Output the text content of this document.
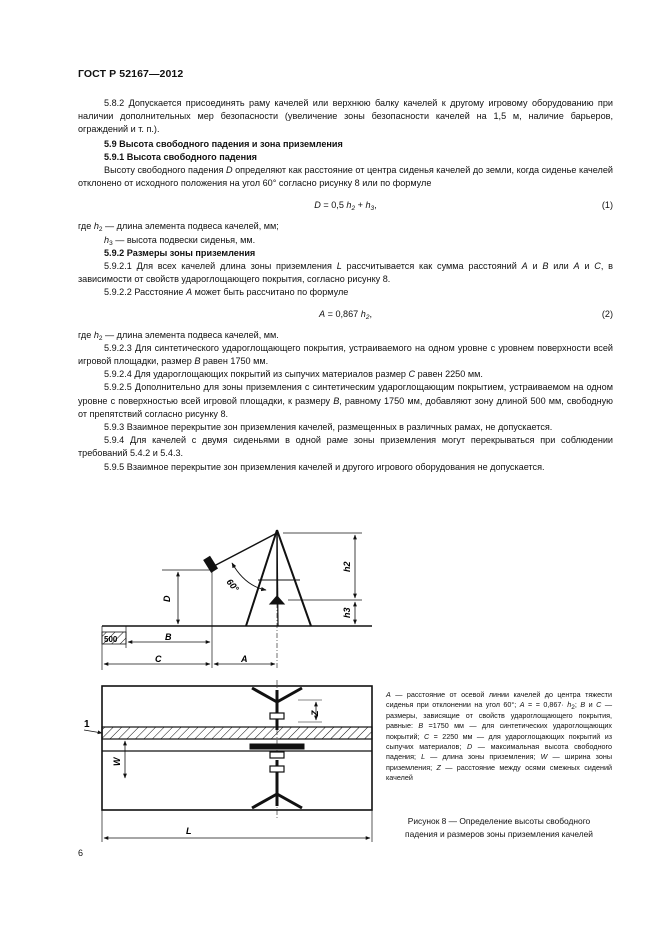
ГОСТ Р 52167—2012

5.8.2 Допускается присоединять раму качелей или верхнюю балку качелей к другому игровому оборудованию при наличии дополнительных мер безопасности (увеличение зоны безопасности качелей на 1,5 м, наличие барьеров, ограждений и т. п.).

5.9 Высота свободного падения и зона приземления

5.9.1 Высота свободного падения

Высоту свободного падения D определяют как расстояние от центра сиденья качелей до земли, когда сиденье качелей отклонено от исходного положения на угол 60° согласно рисунку 8 или по формуле

D = 0,5 $h_2 + h_3$,	(1)

где $h_2$ — длина элемента подвеса качелей, мм;

$h_3$ — высота подвески сиденья, мм.

5.9.2 Размеры зоны приземления

5.9.2.1 Для всех качелей длина зоны приземления L рассчитывается как сумма расстояний A и B или A и C, в зависимости от свойств удароглощающего покрытия, согласно рисунку 8.

5.9.2.2 Расстояние A может быть рассчитано по формуле

A = 0,867 $h_2$,	(2)

где $h_2$ — длина элемента подвеса качелей, мм.

5.9.2.3 Для синтетического удароглощающего покрытия, устраиваемого на одном уровне с уровнем поверхности всей игровой площадки, размер B равен 1750 мм.

5.9.2.4 Для удароглощающих покрытий из сыпучих материалов размер C равен 2250 мм.

5.9.2.5 Дополнительно для зоны приземления с синтетическим удароглощающим покрытием, устраиваемом на одном уровне с поверхностью всей игровой площадки, к размеру B, равному 1750 мм, добавляют зону длиной 500 мм, свободную от препятствий согласно рисунку 8.

5.9.3 Взаимное перекрытие зон приземления качелей, размещенных в различных рамах, не допускается.

5.9.4 Для качелей с двумя сиденьями в одной раме зоны приземления могут перекрываться при соблюдении требований 5.4.2 и 5.4.3.

5.9.5 Взаимное перекрытие зон приземления качелей и другого игрового оборудования не допускается.

60°
D
h2
h3
500	B
C	A
Z
W
L
1

A — расстояние от осевой линии качелей до центра тяжести сиденья при отклонении на угол 60°; A = = $0,867\cdot h_2$; B и C — размеры, зависящие от свойств удароглощающего покрытия, равные: B =1750 мм — для синтетических удароглощающих покрытий; C = 2250 мм — для удароглощающих покрытий из сыпучих материалов; D — максимальная высота свободного падения; L — длина зоны приземления; W — ширина зоны приземления; Z — расстояние между осями смежных сидений качелей

Рисунок 8 — Определение высоты свободного
падения и размеров зоны приземления качелей
6
